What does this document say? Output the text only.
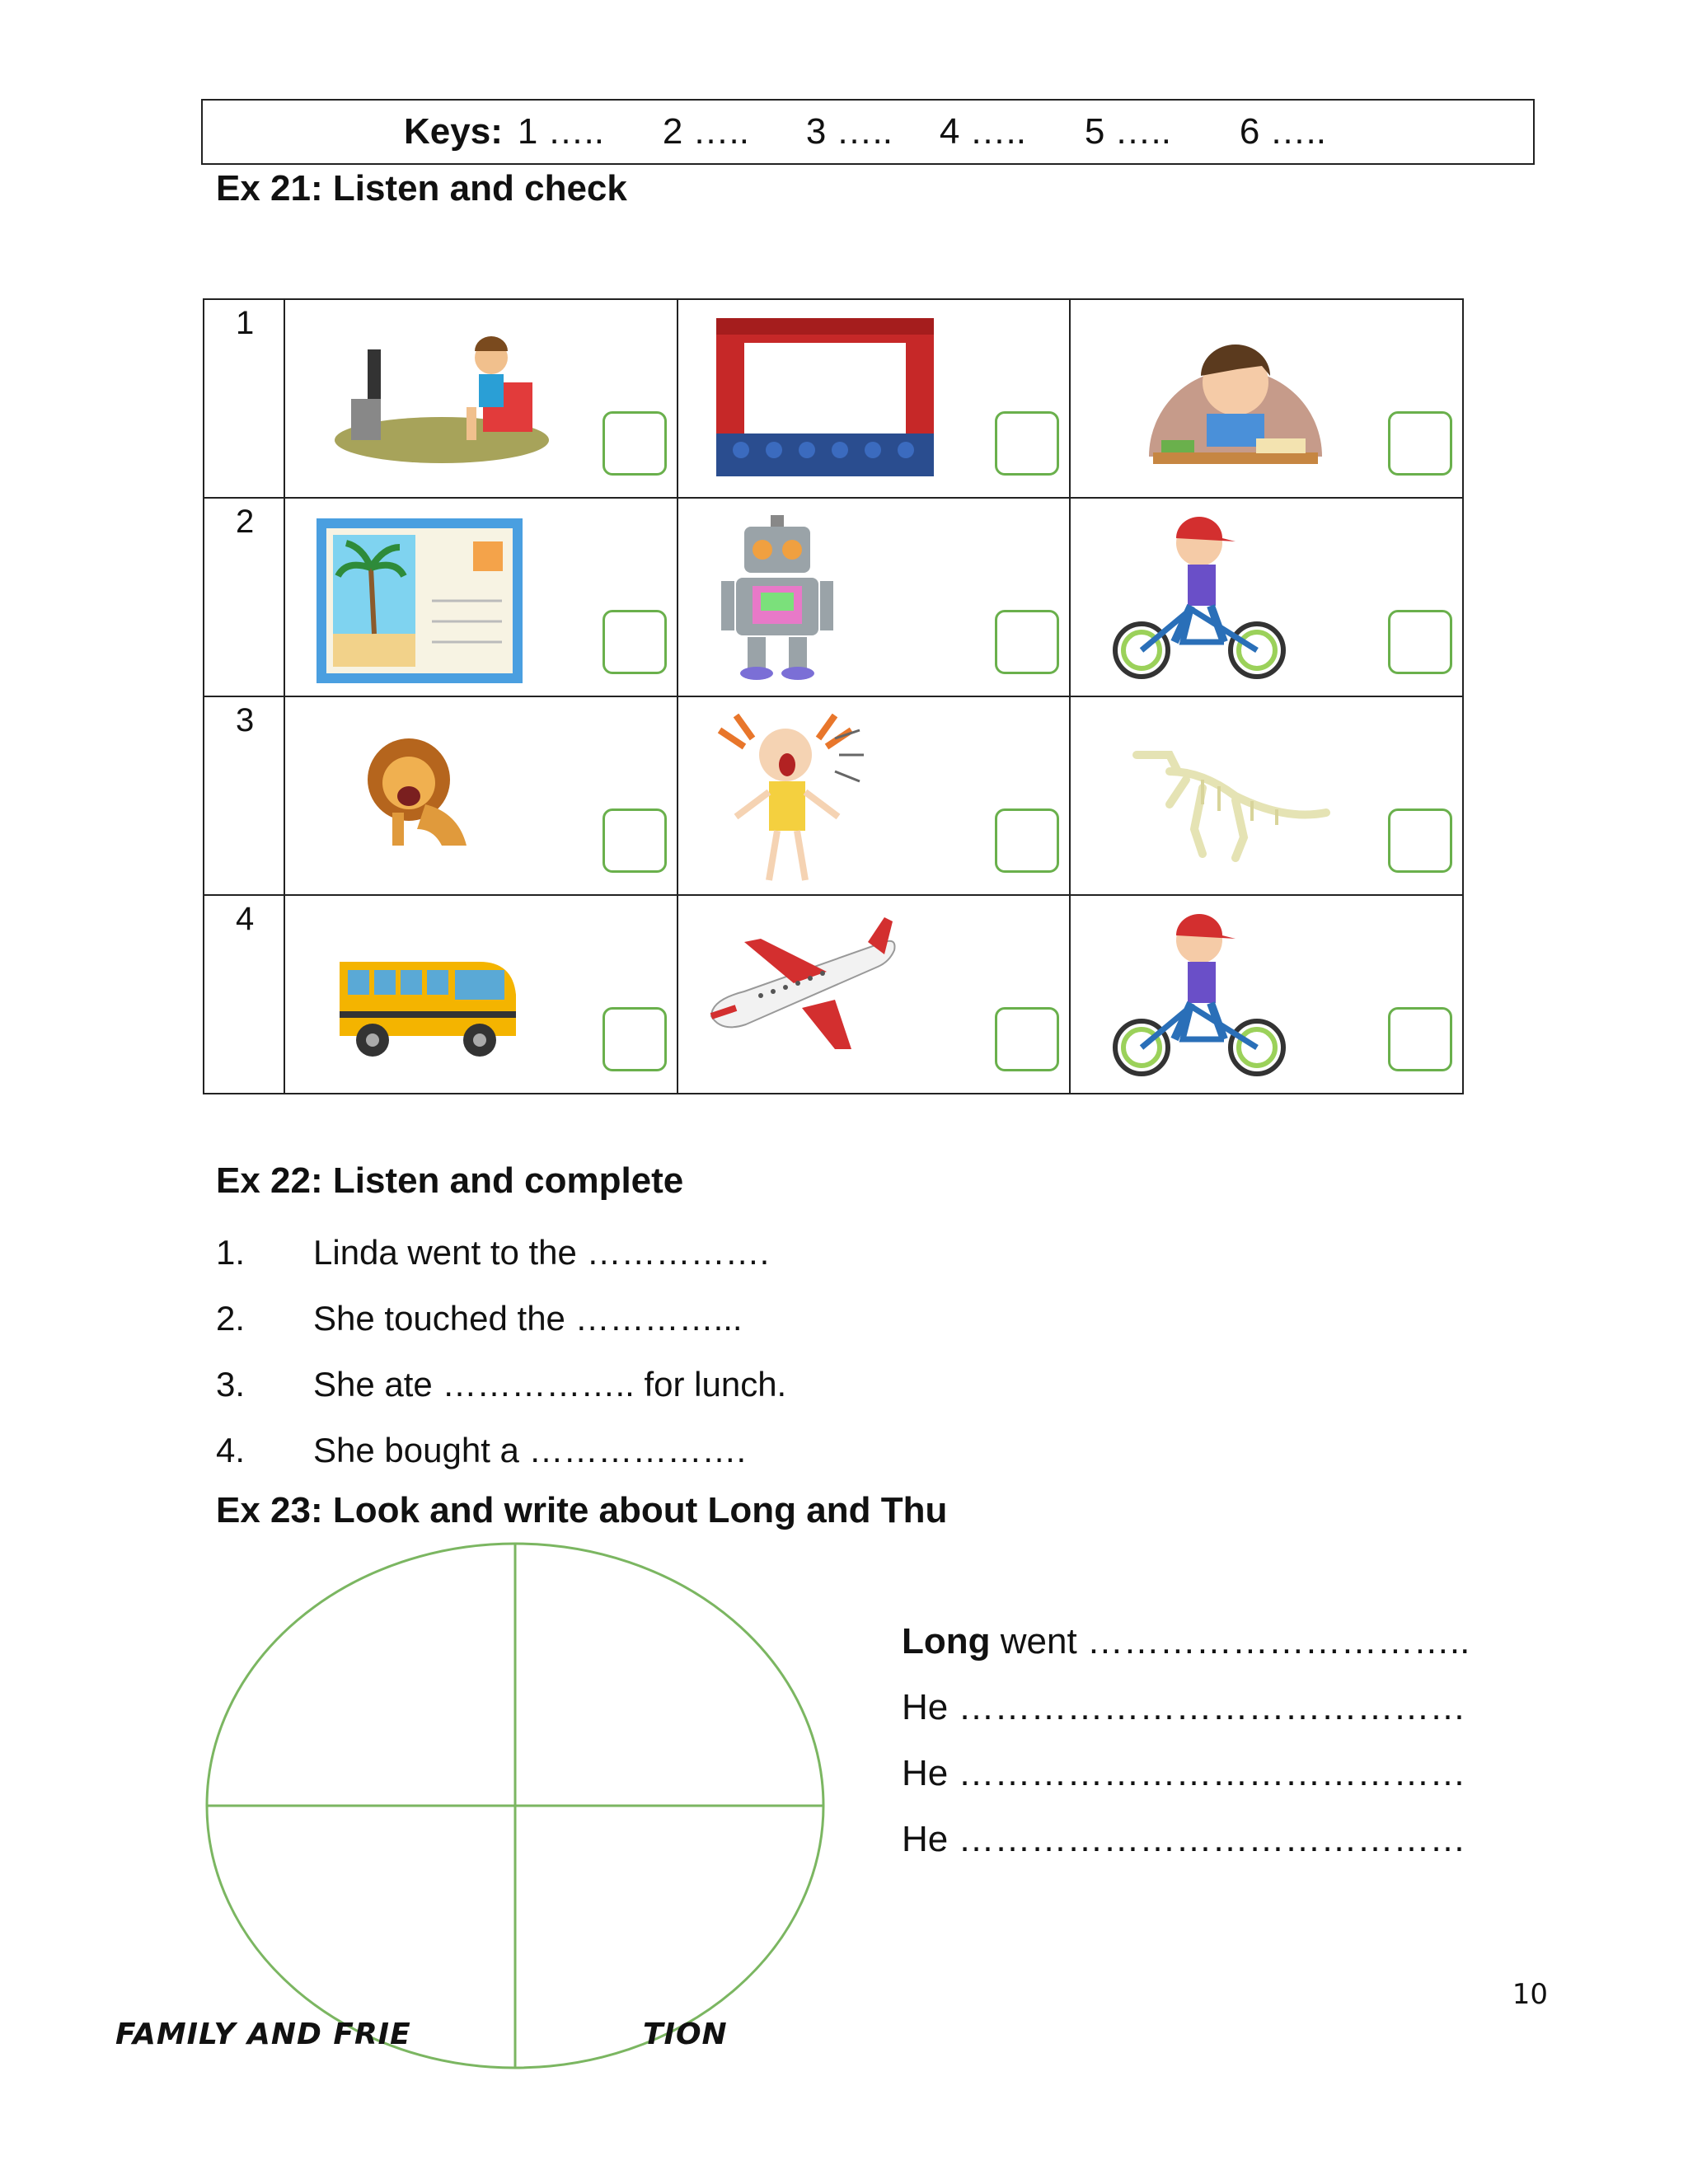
Keys: 1 …..	2 …..	3 …..	4 …..	5 …..	6 …..
Ex 21: Listen and check
1	

2	

3	

4	

Ex 22: Listen and complete
1.	Linda went to the …………….
2.	She touched the …………...
3.	She ate …………….. for lunch.
4.	She bought a ……………….
Ex 23: Look and write about Long and Thu
Long went …………………………..
He ……………………………………
He ……………………………………
He ……………………………………
10
FAMILY AND FRIE	TION
